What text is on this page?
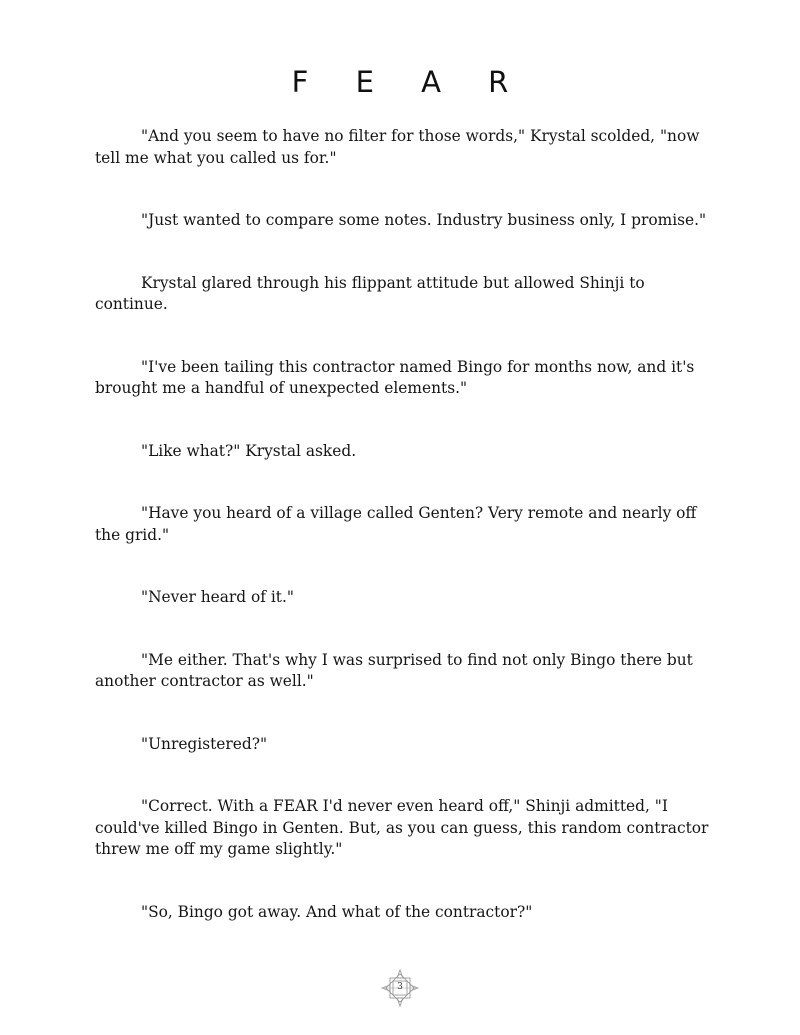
F E A R

"And you seem to have no filter for those words," Krystal scolded, "now tell me what you called us for."

"Just wanted to compare some notes. Industry business only, I promise."

Krystal glared through his flippant attitude but allowed Shinji to continue.

"I've been tailing this contractor named Bingo for months now, and it's brought me a handful of unexpected elements."

"Like what?" Krystal asked.

"Have you heard of a village called Genten? Very remote and nearly off the grid."

"Never heard of it."

"Me either. That's why I was surprised to find not only Bingo there but another contractor as well."

"Unregistered?"

"Correct. With a FEAR I'd never even heard off," Shinji admitted, "I could've killed Bingo in Genten. But, as you can guess, this random contractor threw me off my game slightly."

"So, Bingo got away. And what of the contractor?"

3
